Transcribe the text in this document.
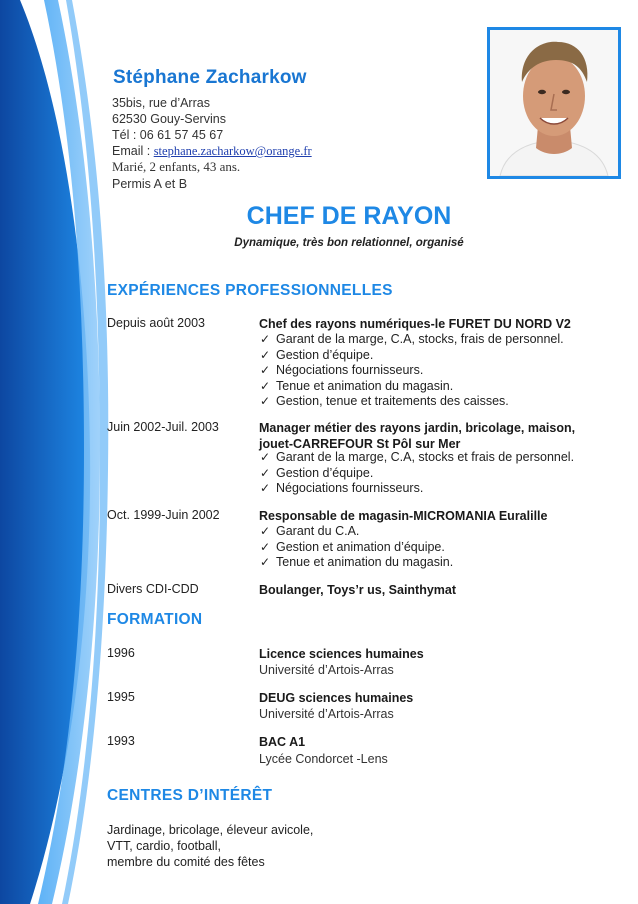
Stéphane Zacharkow
35bis, rue d’Arras
62530 Gouy-Servins
Tél : 06 61 57 45 67
Email : stephane.zacharkow@orange.fr
Marié, 2 enfants, 43 ans.
Permis A et B
CHEF DE RAYON
Dynamique, très bon relationnel, organisé
EXPÉRIENCES PROFESSIONNELLES
Depuis août 2003	Chef des rayons numériques-le FURET DU NORD V2
✓ Garant de la marge, C.A, stocks, frais de personnel.
✓ Gestion d’équipe.
✓ Négociations fournisseurs.
✓ Tenue et animation du magasin.
✓ Gestion, tenue et traitements des caisses.
Juin 2002-Juil. 2003	Manager métier des rayons jardin, bricolage, maison, jouet-CARREFOUR St Pôl sur Mer
✓ Garant de la marge, C.A, stocks et frais de personnel.
✓ Gestion d’équipe.
✓ Négociations fournisseurs.
Oct. 1999-Juin 2002	Responsable de magasin-MICROMANIA Euralille
✓ Garant du C.A.
✓ Gestion et animation d’équipe.
✓ Tenue et animation du magasin.
Divers CDI-CDD	Boulanger, Toys’r us, Sainthymat
FORMATION
1996	Licence sciences humaines
Université d’Artois-Arras
1995	DEUG sciences humaines
Université d’Artois-Arras
1993	BAC A1
Lycée Condorcet -Lens
CENTRES D’INTÉRÊT
Jardinage, bricolage, éleveur avicole,
VTT, cardio, football,
membre du comité des fêtes
